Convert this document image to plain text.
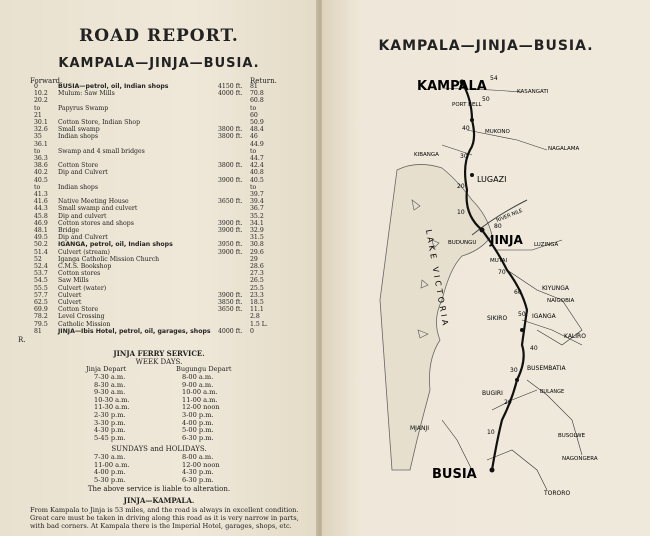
ROAD REPORT.
KAMPALA—JINJA—BUSIA.
Forward.	Return.
R.
0	BUSIA—petrol, oil, Indian shops	4150 ft. 81
10.2 Mulum: Saw Mills	4000 ft. 70.8
20.2	60.8
to	Papyrus Swamp	to
21	60
30.1 Cotton Store, Indian Shop	50.9
32.6 Small swamp	3800 ft. 48.4
35	Indian shops	3800 ft. 46
36.1	44.9
to	Swamp and 4 small bridges	to
36.3	44.7
38.6 Cotton Store	3800 ft. 42.4
40.2 Dip and Culvert	40.8
40.5	3900 ft. 40.5
to	Indian shops	to
41.3	39.7
41.6 Native Meeting House	3650 ft. 39.4
44.3 Small swamp and culvert	36.7
45.8 Dip and culvert	35.2
46.9 Cotton stores and shops	3900 ft. 34.1
48.1 Bridge	3900 ft. 32.9
49.5 Dip and Culvert	31.5
50.2 IGANGA, petrol, oil, Indian shops	3950 ft. 30.8
51.4 Culvert (stream)	3900 ft. 29.6
52	Iganga Catholic Mission Church	29
52.4 C.M.S. Bookshop	28.6
53.7 Cotton stores	27.3
54.5 Saw Mills	26.5
55.5 Culvert (water)	25.5
57.7 Culvert	3900 ft. 23.3
62.5 Culvert	3850 ft. 18.5
69.9 Cotton Store	3650 ft. 11.1
78.2 Level Crossing	2.8
79.5 Catholic Mission	1.5 L.
81	JINJA—Ibis Hotel, petrol, oil, garages, shops 4000 ft. 0
JINJA FERRY SERVICE.
WEEK DAYS.
Jinja Depart	Bugungu Depart
7-30 a.m.	8-00 a.m.
8-30 a.m.	9-00 a.m.
9-30 a.m.	10-00 a.m.
10-30 a.m.	11-00 a.m.
11-30 a.m.	12-00 noon
2-30 p.m.	3-00 p.m.
3-30 p.m.	4-00 p.m.
4-30 p.m.	5-00 p.m.
5-45 p.m.	6-30 p.m.
SUNDAYS and HOLIDAYS.
7-30 a.m.	8-00 a.m.
11-00 a.m.	12-00 noon
4-00 p.m.	4-30 p.m.
5-30 p.m.	6-30 p.m.
The above service is liable to alteration.
JINJA—KAMPALA.
From Kampala to Jinja is 53 miles, and the road is always in excellent condition. Great care must be taken in driving along this road as it is very narrow in parts, with bad corners. At Kampala there is the Imperial Hotel, garages, shops, etc.
KAMPALA—JINJA—BUSIA.
KAMPALA
BUSIA
JINJA
LUGAZI
PORT BELL
KASANGATI
MUKONO
NAGALAMA
KIBANGA
BUDUNGU
MUTAI
LUZINGA
KIYUNGA
NAIGOBIA
IGANGA
KALIRO
SIKIRO
BUSEMBATIA
BUGIRI	BULANGE
MJANJI
BUSOLWE
NAGONGERA
TORORO
RIVER NILE
LAKE VICTORIA
54
50
40
30
20
10
80
70
60
50
40
30
20
10
